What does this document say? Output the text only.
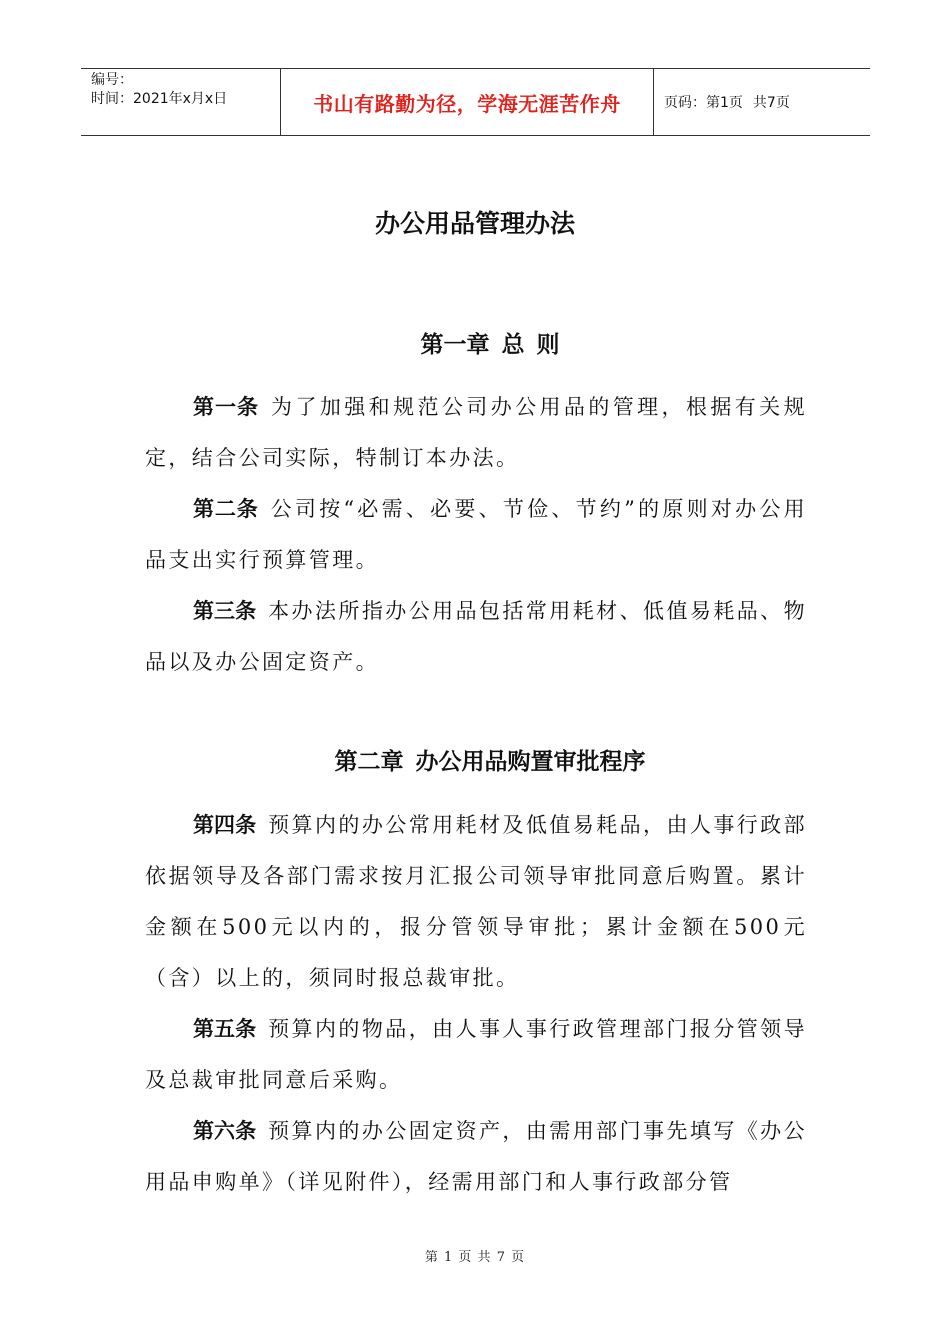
编号：
时间：2021年x月x日	书山有路勤为径，学海无涯苦作舟	页码：第1页 共7页
办公用品管理办法
第一章 总 则

第一条 为了加强和规范公司办公用品的管理，根据有关规定，结合公司实际，特制订本办法。

第二条 公司按“必需、必要、节俭、节约”的原则对办公用品支出实行预算管理。

第三条 本办法所指办公用品包括常用耗材、低值易耗品、物品以及办公固定资产。

第二章 办公用品购置审批程序

第四条 预算内的办公常用耗材及低值易耗品，由人事行政部依据领导及各部门需求按月汇报公司领导审批同意后购置。累计金额在500元以内的，报分管领导审批；累计金额在500元（含）以上的，须同时报总裁审批。

第五条 预算内的物品，由人事人事行政管理部门报分管领导及总裁审批同意后采购。

第六条 预算内的办公固定资产，由需用部门事先填写《办公用品申购单》（详见附件），经需用部门和人事行政部分管

第 1 页 共 7 页
